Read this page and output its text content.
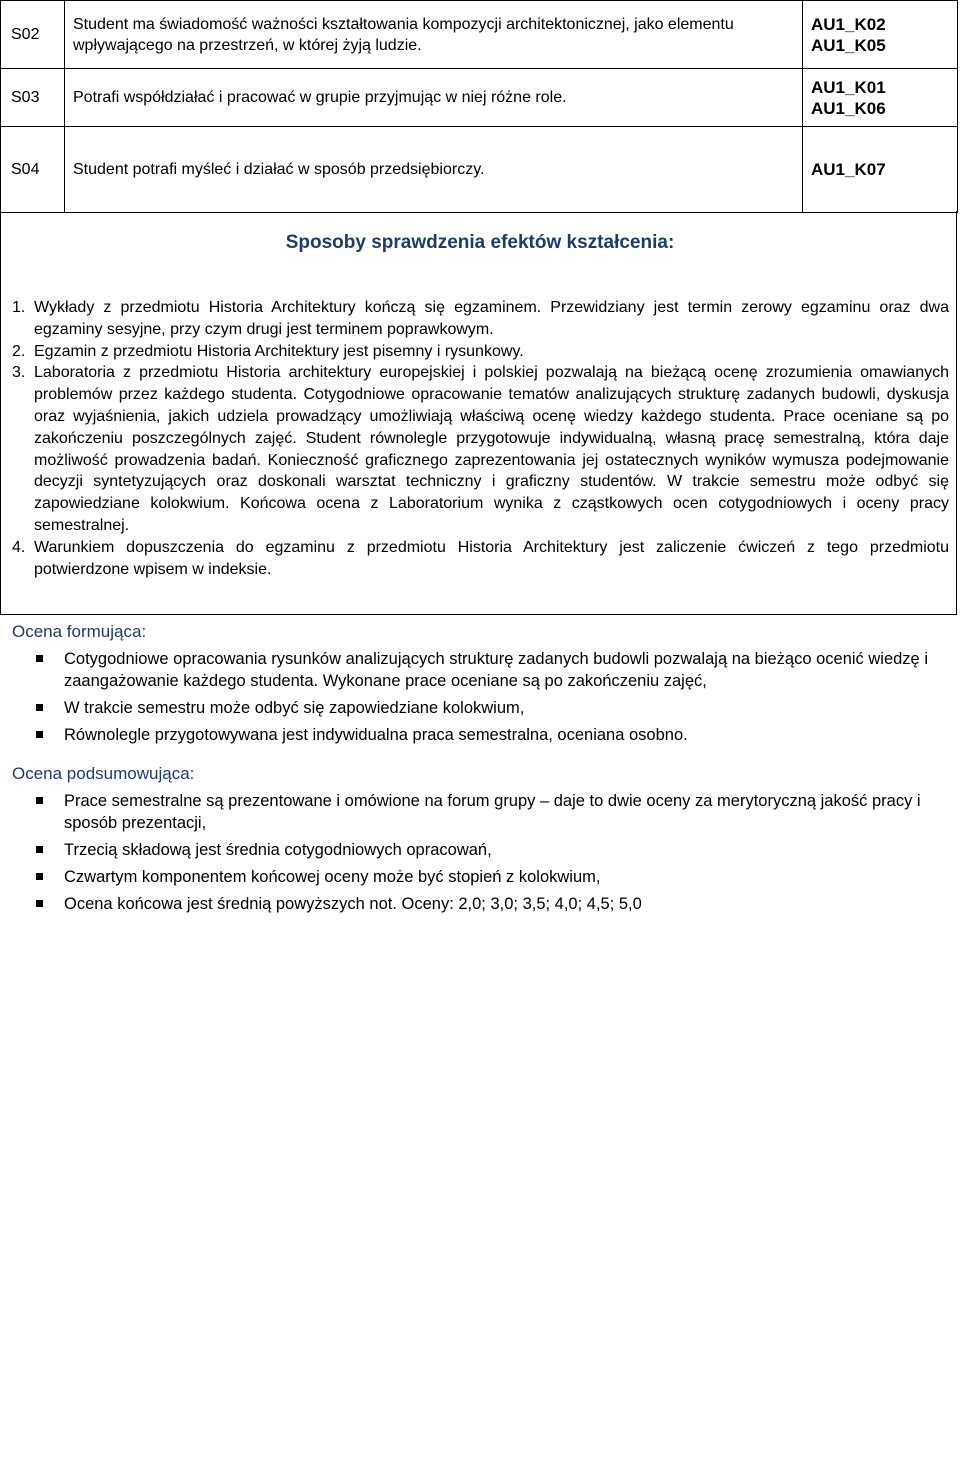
S02	Student ma świadomość ważności kształtowania kompozycji architektonicznej, jako elementu wpływającego na przestrzeń, w której żyją ludzie.	AU1_K02
AU1_K05

S03	Potrafi współdziałać i pracować w grupie przyjmując w niej różne role.	AU1_K01
AU1_K06

S04	Student potrafi myśleć i działać w sposób przedsiębiorczy.	AU1_K07
Sposoby sprawdzenia efektów kształcenia:
1. Wykłady z przedmiotu Historia Architektury kończą się egzaminem. Przewidziany jest termin zerowy egzaminu oraz dwa egzaminy sesyjne, przy czym drugi jest terminem poprawkowym.
2. Egzamin z przedmiotu Historia Architektury jest pisemny i rysunkowy.
3. Laboratoria z przedmiotu Historia architektury europejskiej i polskiej pozwalają na bieżącą ocenę zrozumienia omawianych problemów przez każdego studenta. Cotygodniowe opracowanie tematów analizujących strukturę zadanych budowli, dyskusja oraz wyjaśnienia, jakich udziela prowadzący umożliwiają właściwą ocenę wiedzy każdego studenta. Prace oceniane są po zakończeniu poszczególnych zajęć. Student równolegle przygotowuje indywidualną, własną pracę semestralną, która daje możliwość prowadzenia badań. Konieczność graficznego zaprezentowania jej ostatecznych wyników wymusza podejmowanie decyzji syntetyzujących oraz doskonali warsztat techniczny i graficzny studentów. W trakcie semestru może odbyć się zapowiedziane kolokwium. Końcowa ocena z Laboratorium wynika z cząstkowych ocen cotygodniowych i oceny pracy semestralnej.
4. Warunkiem dopuszczenia do egzaminu z przedmiotu Historia Architektury jest zaliczenie ćwiczeń z tego przedmiotu potwierdzone wpisem w indeksie.
Ocena formująca:
Cotygodniowe opracowania rysunków analizujących strukturę zadanych budowli pozwalają na bieżąco ocenić wiedzę i zaangażowanie każdego studenta. Wykonane prace oceniane są po zakończeniu zajęć,
W trakcie semestru może odbyć się zapowiedziane kolokwium,
Równolegle przygotowywana jest indywidualna praca semestralna, oceniana osobno.
Ocena podsumowująca:
Prace semestralne są prezentowane i omówione na forum grupy – daje to dwie oceny za merytoryczną jakość pracy i sposób prezentacji,
Trzecią składową jest średnia cotygodniowych opracowań,
Czwartym komponentem końcowej oceny może być stopień z kolokwium,
Ocena końcowa jest średnią powyższych not. Oceny: 2,0; 3,0; 3,5; 4,0; 4,5; 5,0
